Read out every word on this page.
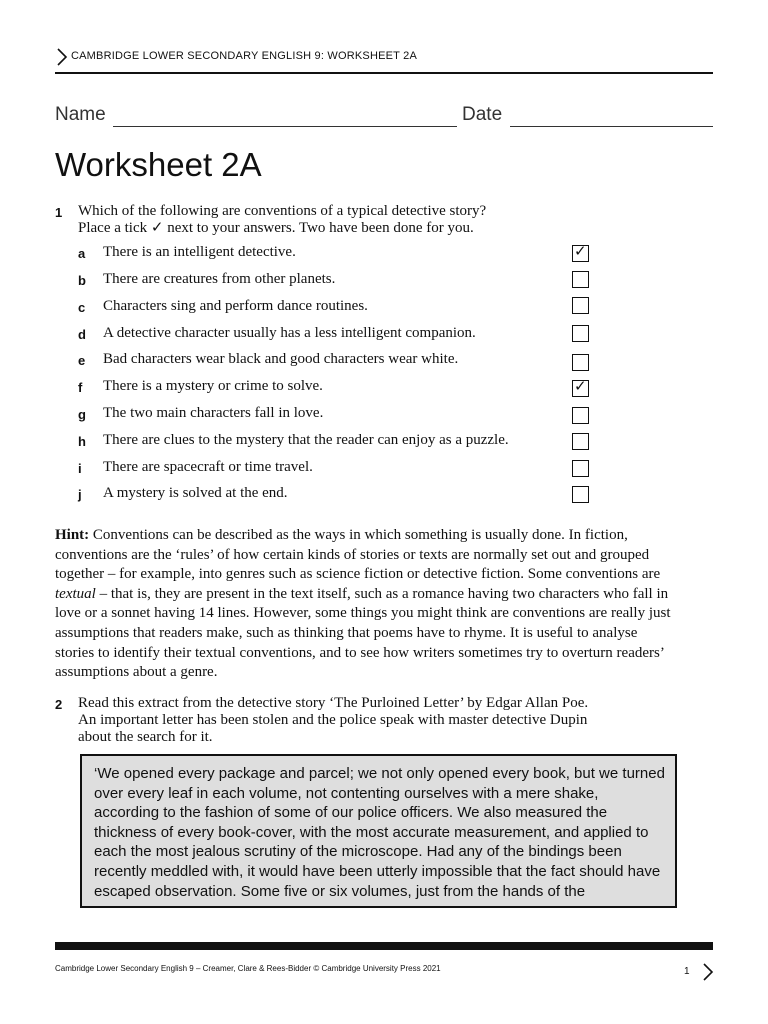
CAMBRIDGE LOWER SECONDARY ENGLISH 9: WORKSHEET 2A
Name	Date
Worksheet 2A
1 Which of the following are conventions of a typical detective story?
Place a tick ✓ next to your answers. Two have been done for you.
a There is an intelligent detective.	✓
b There are creatures from other planets.
c Characters sing and perform dance routines.
d A detective character usually has a less intelligent companion.
e Bad characters wear black and good characters wear white.
f There is a mystery or crime to solve.	✓
g The two main characters fall in love.
h There are clues to the mystery that the reader can enjoy as a puzzle.
i There are spacecraft or time travel.
j A mystery is solved at the end.
Hint: Conventions can be described as the ways in which something is usually done. In fiction, conventions are the ‘rules’ of how certain kinds of stories or texts are normally set out and grouped together – for example, into genres such as science fiction or detective fiction. Some conventions are textual – that is, they are present in the text itself, such as a romance having two characters who fall in love or a sonnet having 14 lines. However, some things you might think are conventions are really just assumptions that readers make, such as thinking that poems have to rhyme. It is useful to analyse stories to identify their textual conventions, and to see how writers sometimes try to overturn readers’ assumptions about a genre.
2 Read this extract from the detective story ‘The Purloined Letter’ by Edgar Allan Poe.
An important letter has been stolen and the police speak with master detective Dupin
about the search for it.
‘We opened every package and parcel; we not only opened every book, but we turned over every leaf in each volume, not contenting ourselves with a mere shake, according to the fashion of some of our police officers. We also measured the thickness of every book-cover, with the most accurate measurement, and applied to each the most jealous scrutiny of the microscope. Had any of the bindings been recently meddled with, it would have been utterly impossible that the fact should have escaped observation. Some five or six volumes, just from the hands of the
Cambridge Lower Secondary English 9 – Creamer, Clare & Rees-Bidder © Cambridge University Press 2021	1
